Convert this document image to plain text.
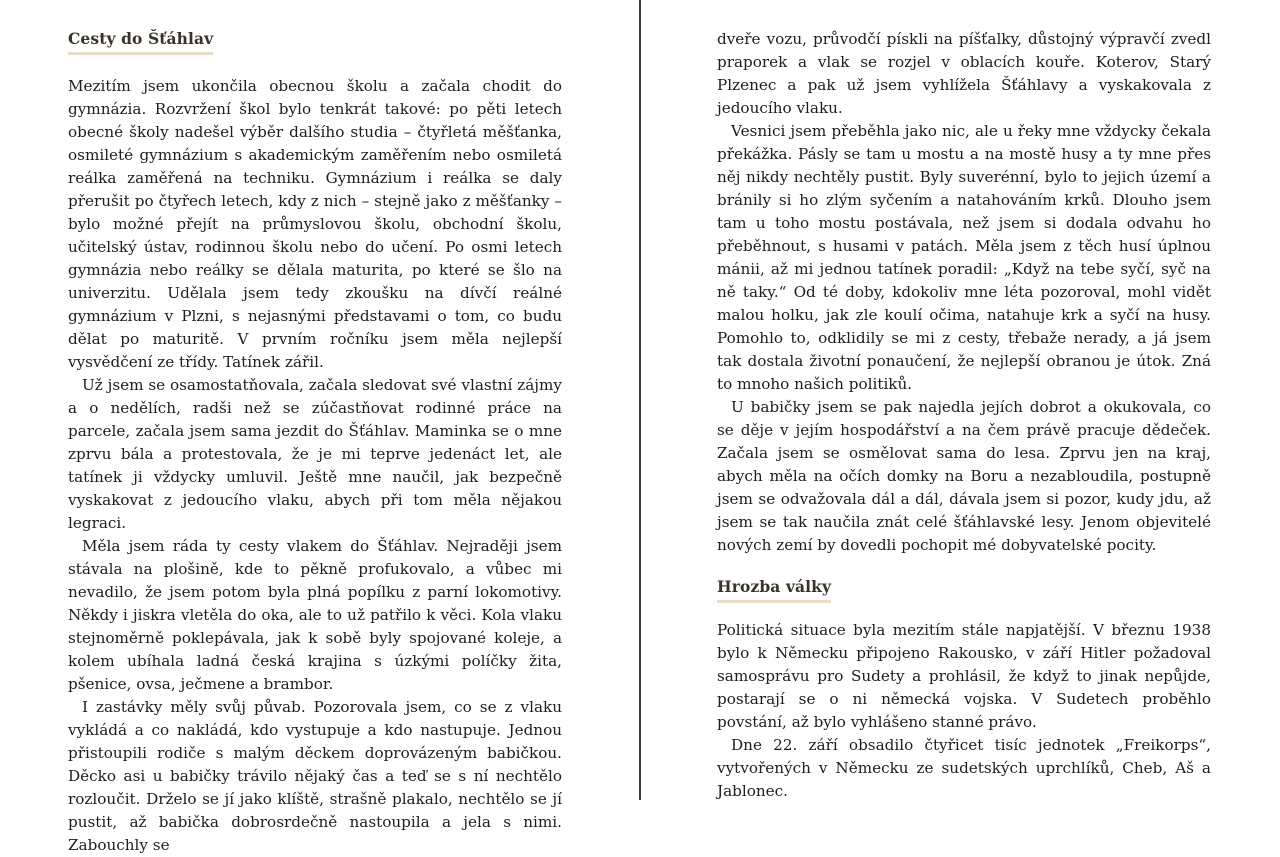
Cesty do Šťáhlav

Mezitím jsem ukončila obecnou školu a začala chodit do gymnázia. Rozvržení škol bylo tenkrát takové: po pěti letech obecné školy nadešel výběr dalšího studia – čtyřletá měšťanka, osmileté gymnázium s akademickým zaměřením nebo osmiletá reálka zaměřená na techniku. Gymnázium i reálka se daly přerušit po čtyřech letech, kdy z nich – stejně jako z měšťanky – bylo možné přejít na průmyslovou školu, obchodní školu, učitelský ústav, rodinnou školu nebo do učení. Po osmi letech gymnázia nebo reálky se dělala maturita, po které se šlo na univerzitu. Udělala jsem tedy zkoušku na dívčí reálné gymnázium v Plzni, s nejasnými představami o tom, co budu dělat po maturitě. V prvním ročníku jsem měla nejlepší vysvědčení ze třídy. Tatínek zářil.

Už jsem se osamostatňovala, začala sledovat své vlastní zájmy a o nedělích, radši než se zúčastňovat rodinné práce na parcele, začala jsem sama jezdit do Šťáhlav. Maminka se o mne zprvu bála a protestovala, že je mi teprve jedenáct let, ale tatínek ji vždycky umluvil. Ještě mne naučil, jak bezpečně vyskakovat z jedoucího vlaku, abych při tom měla nějakou legraci.

Měla jsem ráda ty cesty vlakem do Šťáhlav. Nejraději jsem stávala na plošině, kde to pěkně profukovalo, a vůbec mi nevadilo, že jsem potom byla plná popílku z parní lokomotivy. Někdy i jiskra vletěla do oka, ale to už patřilo k věci. Kola vlaku stejnoměrně poklepávala, jak k sobě byly spojované koleje, a kolem ubíhala ladná česká krajina s úzkými políčky žita, pšenice, ovsa, ječmene a brambor.

I zastávky měly svůj půvab. Pozorovala jsem, co se z vlaku vykládá a co nakládá, kdo vystupuje a kdo nastupuje. Jednou přistoupili rodiče s malým děckem doprovázeným babičkou. Děcko asi u babičky trávilo nějaký čas a teď se s ní nechtělo rozloučit. Drželo se jí jako klíště, strašně plakalo, nechtělo se jí pustit, až babička dobrosrdečně nastoupila a jela s nimi. Zabouchly se

dveře vozu, průvodčí pískli na píšťalky, důstojný výpravčí zvedl praporek a vlak se rozjel v oblacích kouře. Koterov, Starý Plzenec a pak už jsem vyhlížela Šťáhlavy a vyskakovala z jedoucího vlaku.

Vesnici jsem přeběhla jako nic, ale u řeky mne vždycky čekala překážka. Pásly se tam u mostu a na mostě husy a ty mne přes něj nikdy nechtěly pustit. Byly suverénní, bylo to jejich území a bránily si ho zlým syčením a natahováním krků. Dlouho jsem tam u toho mostu postávala, než jsem si dodala odvahu ho přeběhnout, s husami v patách. Měla jsem z těch husí úplnou mánii, až mi jednou tatínek poradil: „Když na tebe syčí, syč na ně taky.“ Od té doby, kdokoliv mne léta pozoroval, mohl vidět malou holku, jak zle koulí očima, natahuje krk a syčí na husy. Pomohlo to, odklidily se mi z cesty, třebaže nerady, a já jsem tak dostala životní ponaučení, že nejlepší obranou je útok. Zná to mnoho našich politiků.

U babičky jsem se pak najedla jejích dobrot a okukovala, co se děje v jejím hospodářství a na čem právě pracuje dědeček. Začala jsem se osmělovat sama do lesa. Zprvu jen na kraj, abych měla na očích domky na Boru a nezabloudila, postupně jsem se odvažovala dál a dál, dávala jsem si pozor, kudy jdu, až jsem se tak naučila znát celé šťáhlavské lesy. Jenom objevitelé nových zemí by dovedli pochopit mé dobyvatelské pocity.

Hrozba války

Politická situace byla mezitím stále napjatější. V březnu 1938 bylo k Německu připojeno Rakousko, v září Hitler požadoval samosprávu pro Sudety a prohlásil, že když to jinak nepůjde, postarají se o ni německá vojska. V Sudetech proběhlo povstání, až bylo vyhlášeno stanné právo.

Dne 22. září obsadilo čtyřicet tisíc jednotek „Freikorps“, vytvořených v Německu ze sudetských uprchlíků, Cheb, Aš a Jablonec.
